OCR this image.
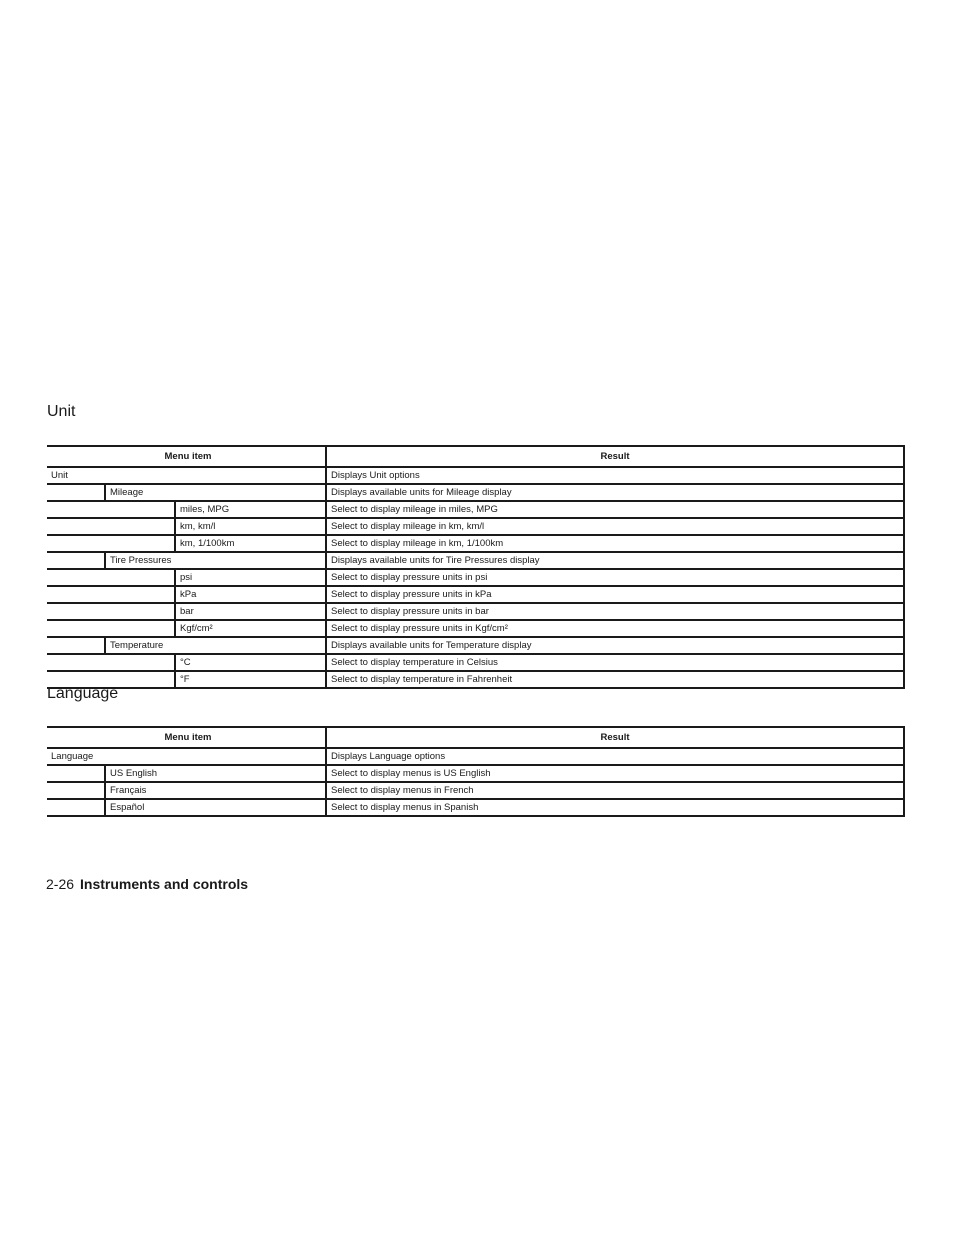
Unit
Menu item			Result
Unit			Displays Unit options
	Mileage		Displays available units for Mileage display
		miles, MPG	Select to display mileage in miles, MPG
		km, km/l	Select to display mileage in km, km/l
		km, 1/100km	Select to display mileage in km, 1/100km
	Tire Pressures		Displays available units for Tire Pressures display
		psi	Select to display pressure units in psi
		kPa	Select to display pressure units in kPa
		bar	Select to display pressure units in bar
		Kgf/cm²	Select to display pressure units in Kgf/cm²
	Temperature		Displays available units for Temperature display
		°C	Select to display temperature in Celsius
		°F	Select to display temperature in Fahrenheit
Language
Menu item		Result
Language		Displays Language options
	US English	Select to display menus is US English
	Français	Select to display menus in French
	Español	Select to display menus in Spanish
2-26 Instruments and controls
